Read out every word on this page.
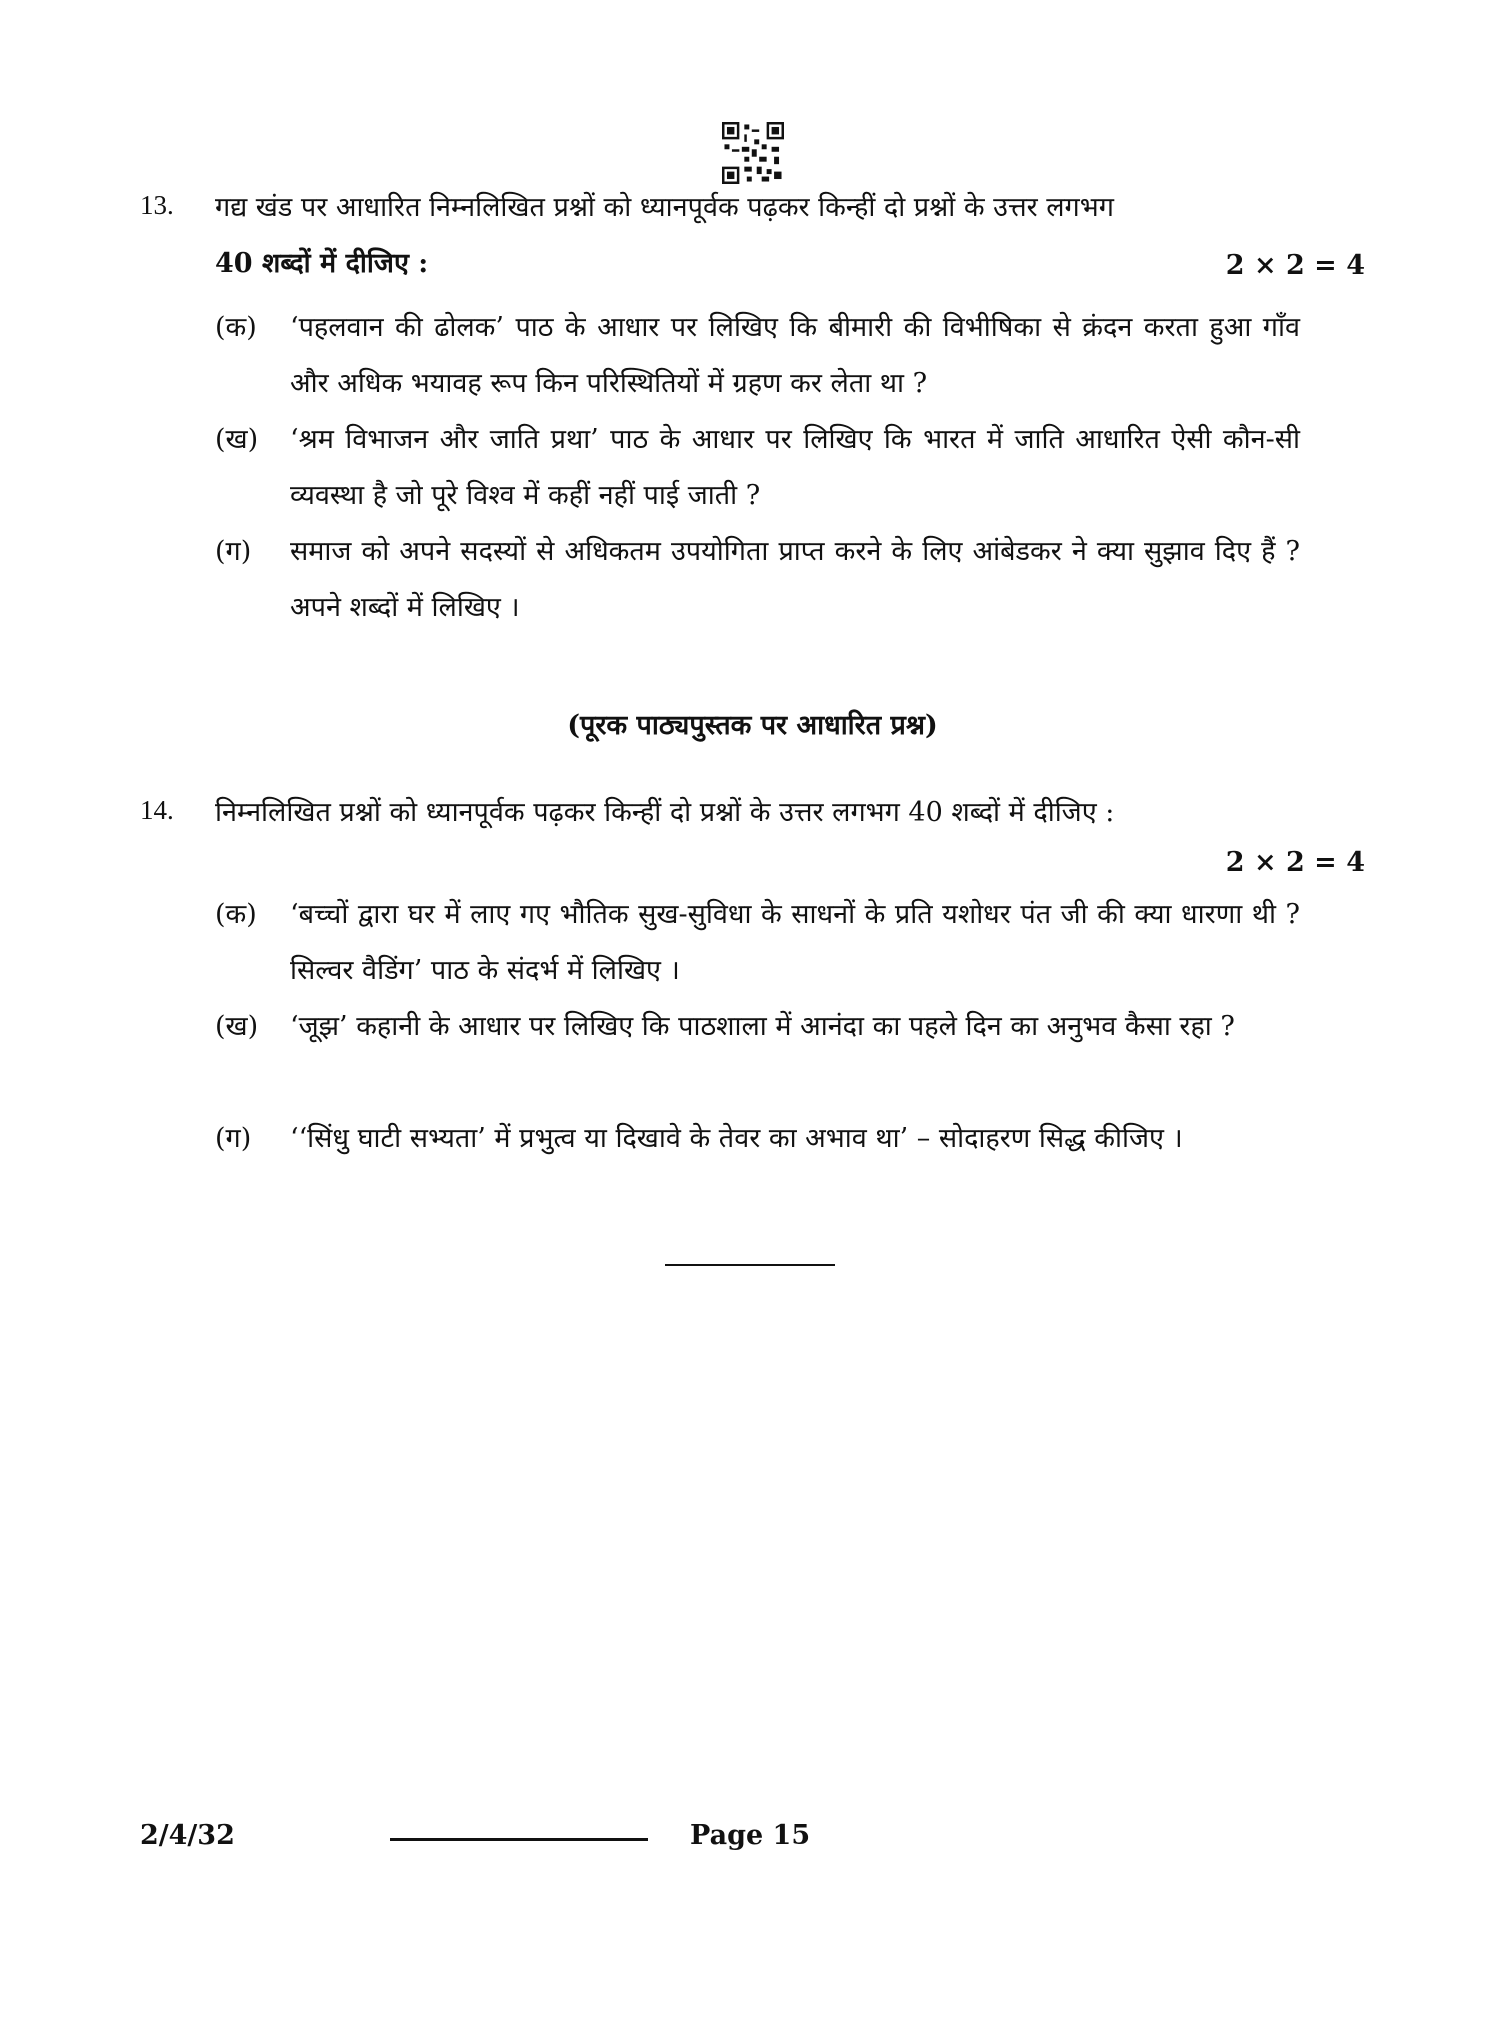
13. गद्य खंड पर आधारित निम्नलिखित प्रश्नों को ध्यानपूर्वक पढ़कर किन्हीं दो प्रश्नों के उत्तर लगभग
40 शब्दों में दीजिए :	2 × 2 = 4
(क) ‘पहलवान की ढोलक’ पाठ के आधार पर लिखिए कि बीमारी की विभीषिका से क्रंदन करता हुआ गाँव और अधिक भयावह रूप किन परिस्थितियों में ग्रहण कर लेता था ?
(ख) ‘श्रम विभाजन और जाति प्रथा’ पाठ के आधार पर लिखिए कि भारत में जाति आधारित ऐसी कौन-सी व्यवस्था है जो पूरे विश्व में कहीं नहीं पाई जाती ?
(ग) समाज को अपने सदस्यों से अधिकतम उपयोगिता प्राप्त करने के लिए आंबेडकर ने क्या सुझाव दिए हैं ? अपने शब्दों में लिखिए ।
(पूरक पाठ्यपुस्तक पर आधारित प्रश्न)
14. निम्नलिखित प्रश्नों को ध्यानपूर्वक पढ़कर किन्हीं दो प्रश्नों के उत्तर लगभग 40 शब्दों में दीजिए :
2 × 2 = 4
(क) ‘बच्चों द्वारा घर में लाए गए भौतिक सुख-सुविधा के साधनों के प्रति यशोधर पंत जी की क्या धारणा थी ? सिल्वर वैडिंग’ पाठ के संदर्भ में लिखिए ।
(ख) ‘जूझ’ कहानी के आधार पर लिखिए कि पाठशाला में आनंदा का पहले दिन का अनुभव कैसा रहा ?
(ग) ‘‘सिंधु घाटी सभ्यता’ में प्रभुत्व या दिखावे के तेवर का अभाव था’ – सोदाहरण सिद्ध कीजिए ।
2/4/32	Page 15
